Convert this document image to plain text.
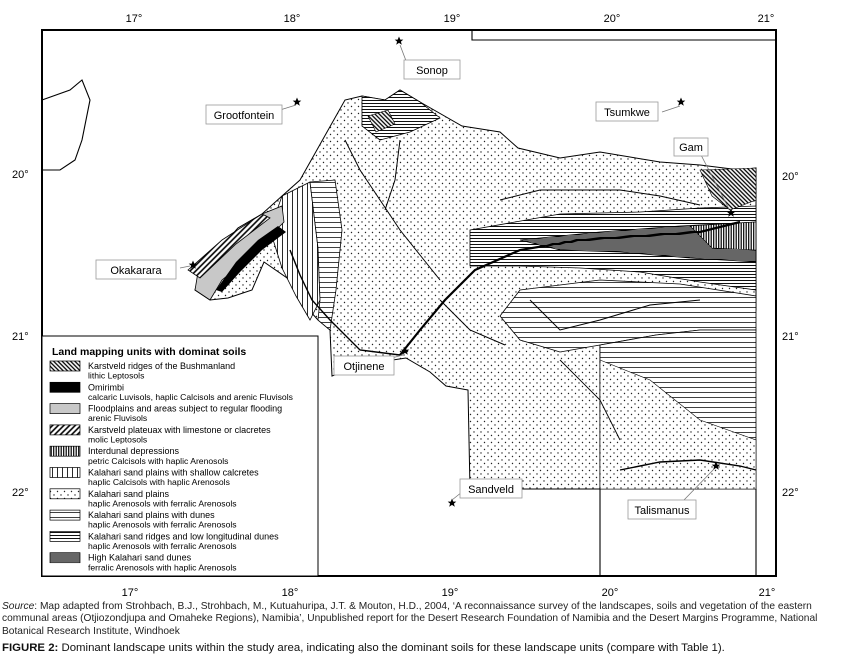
Land mapping units with dominat soils
Karstveld ridges of the Bushmanland
lithic Leptosols
Omirimbi
calcaric Luvisols, haplic Calcisols and arenic Fluvisols
Floodplains and areas subject to regular flooding
arenic Fluvisols
Karstveld plateuax with limestone or clacretes
molic Leptosols
Interdunal depressions
petric Calcisols with haplic Arenosols
Kalahari sand plains with shallow calcretes
haplic Calcisols with haplic Arenosols
Kalahari sand plains
haplic Arenosols with ferralic Arenosols
Kalahari sand plains with dunes
haplic Arenosols with ferralic Arenosols
Kalahari sand ridges and low longitudinal dunes
haplic Arenosols with ferralic Arenosols
High Kalahari sand dunes
ferralic Arenosols with haplic Arenosols
17°	18°	19°	20°	21°
17°	18°	19°	20°	21°
20°
21°
22°
20°
21°
22°
Sonop
Grootfontein	Tsumkwe
Gam
Okakarara
Otjinene
Sandveld
Talismanus
Source: Map adapted from Strohbach, B.J., Strohbach, M., Kutuahuripa, J.T. & Mouton, H.D., 2004, ‘A reconnaissance survey of the landscapes, soils and vegetation of the eastern communal areas (Otjiozondjupa and Omaheke Regions), Namibia’, Unpublished report for the Desert Research Foundation of Namibia and the Desert Margins Programme, National Botanical Research Institute, Windhoek
FIGURE 2: Dominant landscape units within the study area, indicating also the dominant soils for these landscape units (compare with Table 1).
